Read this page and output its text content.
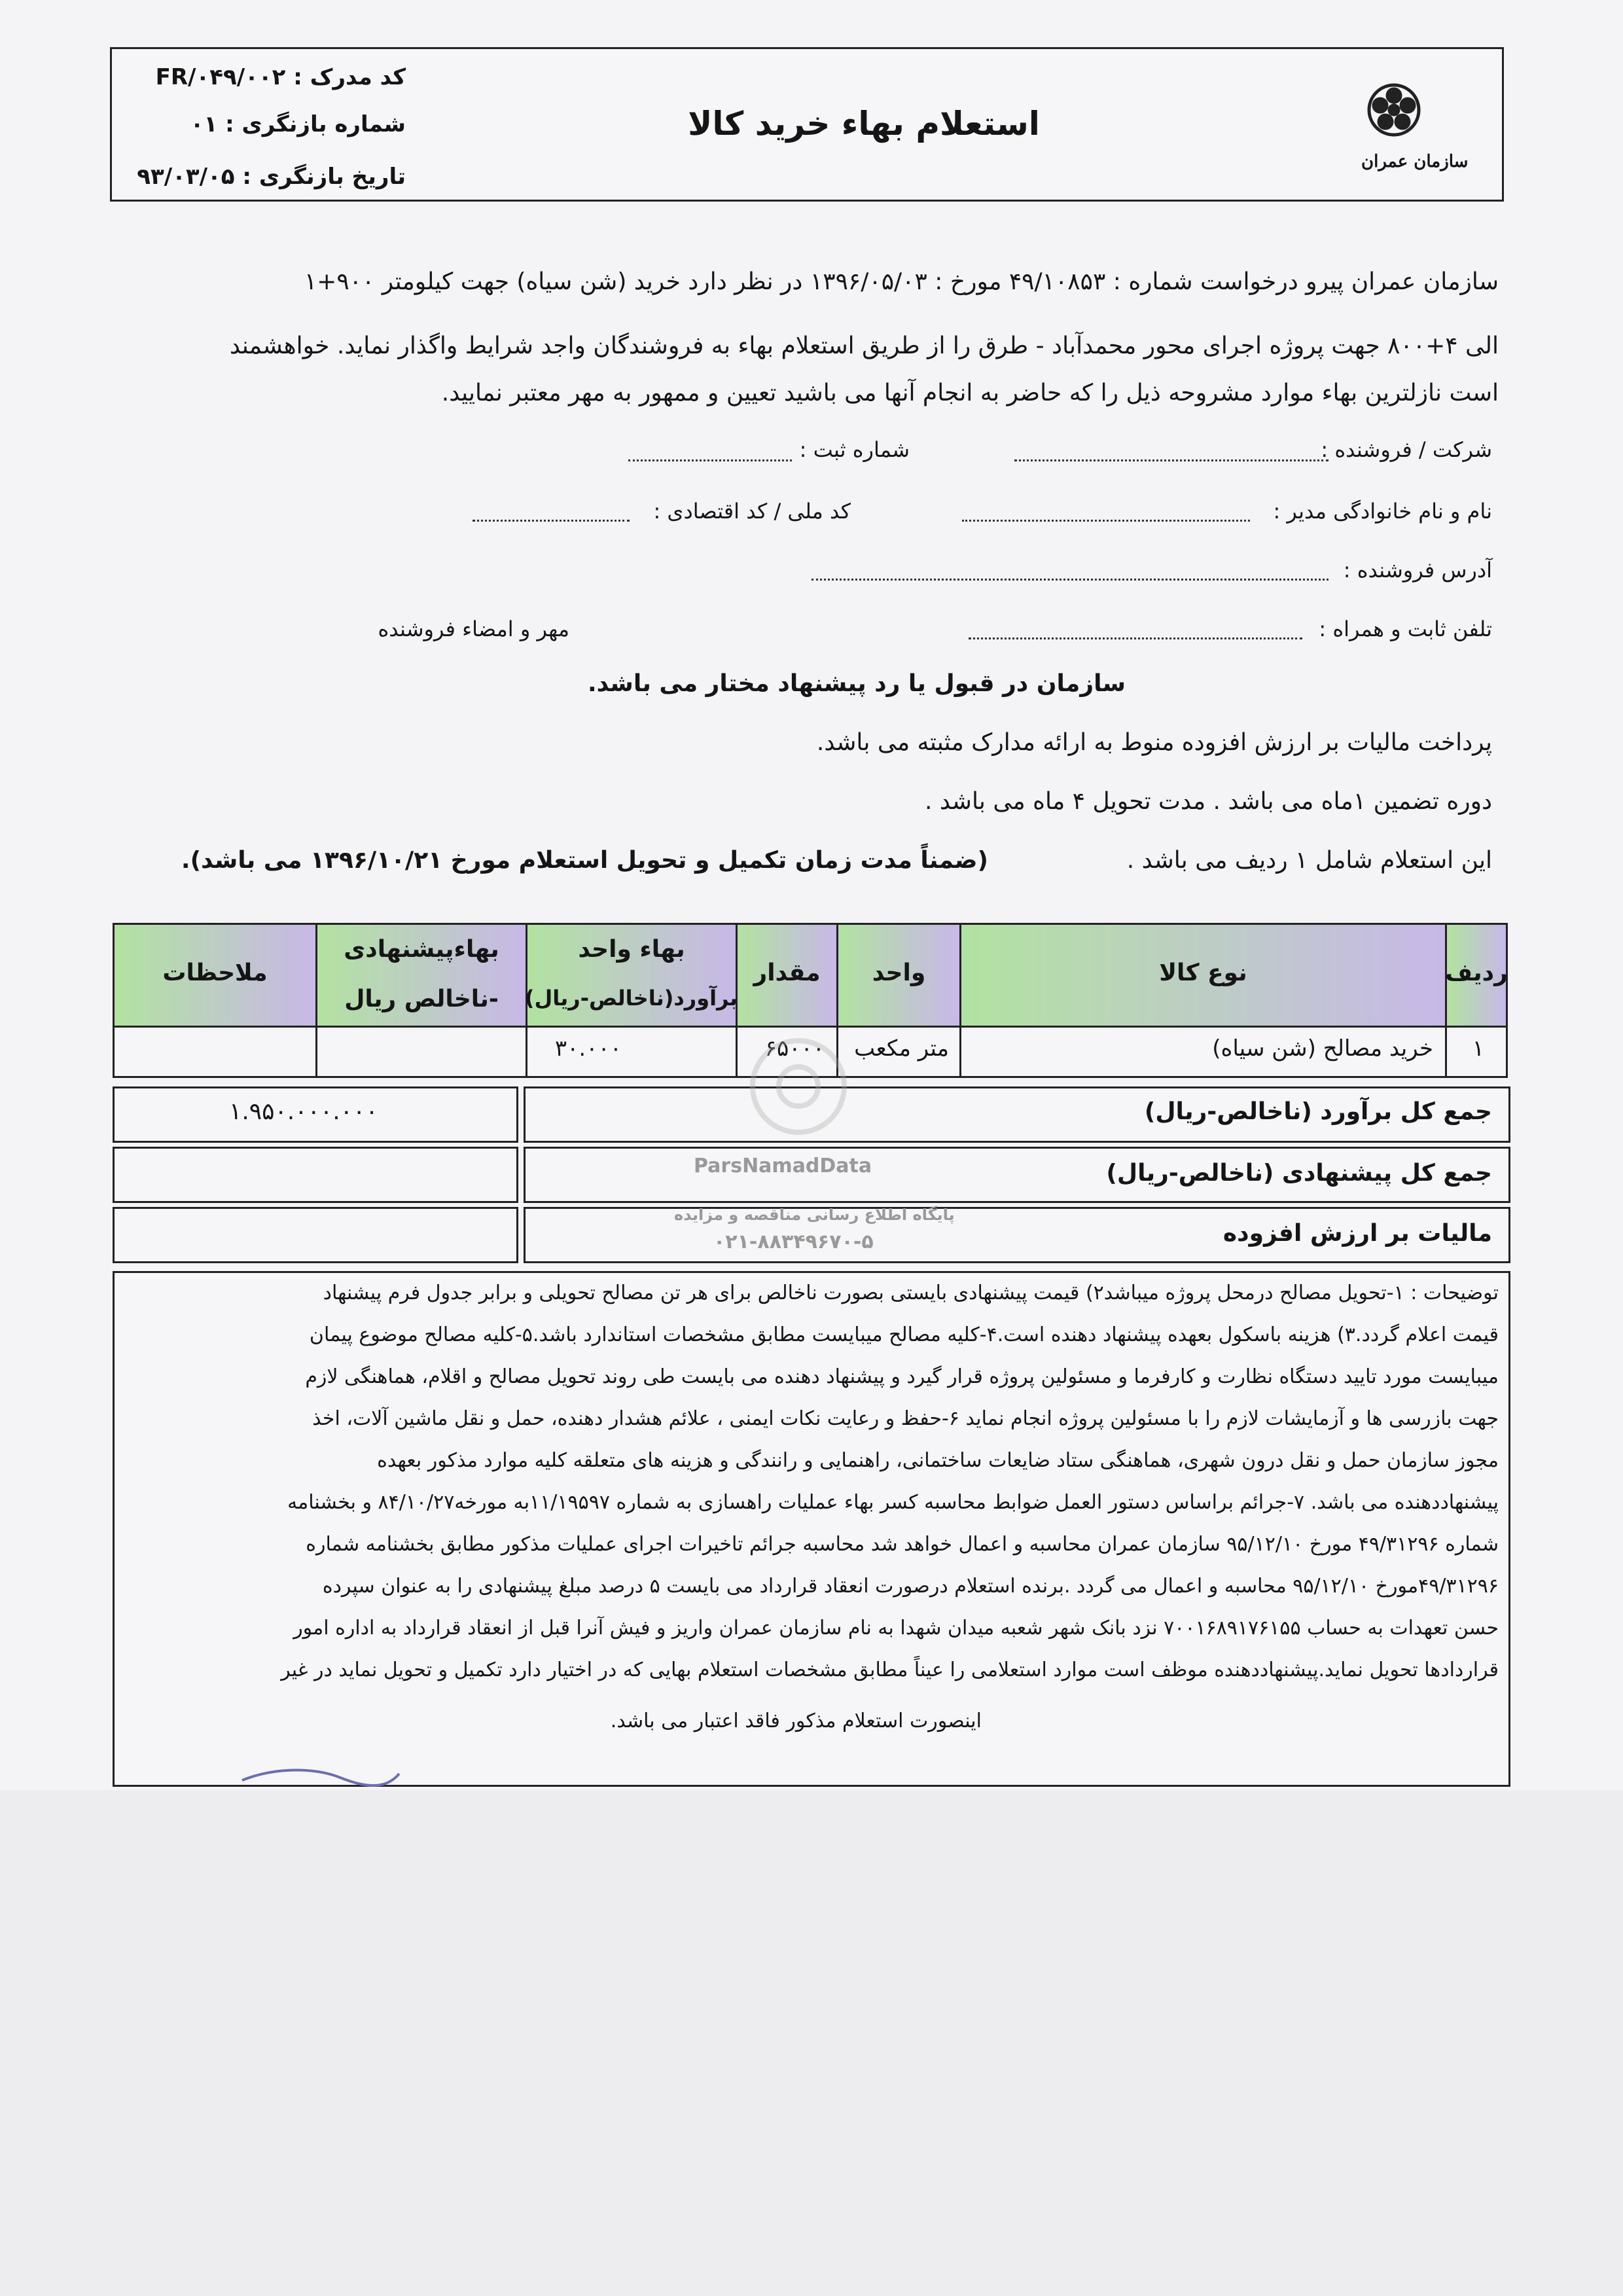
سازمان عمران
استعلام بهاء خرید کالا
کد مدرک : FR/۰۴۹/۰۰۲
شماره بازنگری : ۰۱
تاریخ بازنگری : ۹۳/۰۳/۰۵
سازمان عمران پیرو درخواست شماره : ۴۹/۱۰۸۵۳ مورخ : ۱۳۹۶/۰۵/۰۳ در نظر دارد خرید (شن سیاه) جهت کیلومتر ۹۰۰+۱
الی ۴+۸۰۰ جهت پروژه اجرای محور محمدآباد - طرق را از طریق استعلام بهاء به فروشندگان واجد شرایط واگذار نماید. خواهشمند
است نازلترین بهاء موارد مشروحه ذیل را که حاضر به انجام آنها می باشید تعیین و ممهور به مهر معتبر نمایید.
شرکت / فروشنده :
شماره ثبت :
نام و نام خانوادگی مدیر :
کد ملی / کد اقتصادی :
آدرس فروشنده :
تلفن ثابت و همراه :
مهر و امضاء فروشنده
سازمان در قبول یا رد پیشنهاد مختار می باشد.
پرداخت مالیات بر ارزش افزوده منوط به ارائه مدارک مثبته می باشد.
دوره تضمین ۱ماه می باشد . مدت تحویل ۴ ماه می باشد .
این استعلام شامل ۱ ردیف می باشد .
(ضمناً مدت زمان تکمیل و تحویل استعلام مورخ ۱۳۹۶/۱۰/۲۱ می باشد).
ردیف
نوع کالا
واحد
مقدار
بهاء واحد
برآورد(ناخالص-ریال)
بهاءپیشنهادی
-ناخالص ریال
ملاحظات
۱
خرید مصالح (شن سیاه)
متر مکعب
۶۵۰۰۰
۳۰.۰۰۰
جمع کل برآورد (ناخالص-ریال)
۱.۹۵۰.۰۰۰.۰۰۰
جمع کل پیشنهادی (ناخالص-ریال)
مالیات بر ارزش افزوده
ParsNamadData
پایگاه اطلاع رسانی مناقصه و مزایده
۰۲۱-۸۸۳۴۹۶۷۰-۵
توضیحات : ۱-تحویل مصالح درمحل پروژه میباشد۲) قیمت پیشنهادی بایستی بصورت ناخالص برای هر تن مصالح تحویلی و برابر جدول فرم پیشنهاد
قیمت اعلام گردد.۳) هزینه باسکول بعهده پیشنهاد دهنده است.۴-کلیه مصالح میبایست مطابق مشخصات استاندارد باشد.۵-کلیه مصالح موضوع پیمان
میبایست مورد تایید دستگاه نظارت و کارفرما و مسئولین پروژه قرار گیرد و پیشنهاد دهنده می بایست طی روند تحویل مصالح و اقلام، هماهنگی لازم
جهت بازرسی ها و آزمایشات لازم را با مسئولین پروژه انجام نماید ۶-حفظ و رعایت نکات ایمنی ، علائم هشدار دهنده، حمل و نقل ماشین آلات، اخذ
مجوز سازمان حمل و نقل درون شهری، هماهنگی ستاد ضایعات ساختمانی، راهنمایی و رانندگی و هزینه های متعلقه کلیه موارد مذکور بعهده
پیشنهاددهنده می باشد. ۷-جرائم براساس دستور العمل ضوابط محاسبه کسر بهاء عملیات راهسازی به شماره ۱۱/۱۹۵۹۷به مورخه۸۴/۱۰/۲۷ و بخشنامه
شماره ۴۹/۳۱۲۹۶ مورخ ۹۵/۱۲/۱۰ سازمان عمران محاسبه و اعمال خواهد شد محاسبه جرائم تاخیرات اجرای عملیات مذکور مطابق بخشنامه شماره
۴۹/۳۱۲۹۶مورخ ۹۵/۱۲/۱۰ محاسبه و اعمال می گردد .برنده استعلام درصورت انعقاد قرارداد می بایست ۵ درصد مبلغ پیشنهادی را به عنوان سپرده
حسن تعهدات به حساب ۷۰۰۱۶۸۹۱۷۶۱۵۵ نزد بانک شهر شعبه میدان شهدا به نام سازمان عمران واریز و فیش آنرا قبل از انعقاد قرارداد به اداره امور
قراردادها تحویل نماید.پیشنهاددهنده موظف است موارد استعلامی را عیناً مطابق مشخصات استعلام بهایی که در اختیار دارد تکمیل و تحویل نماید در غیر
اینصورت استعلام مذکور فاقد اعتبار می باشد.
